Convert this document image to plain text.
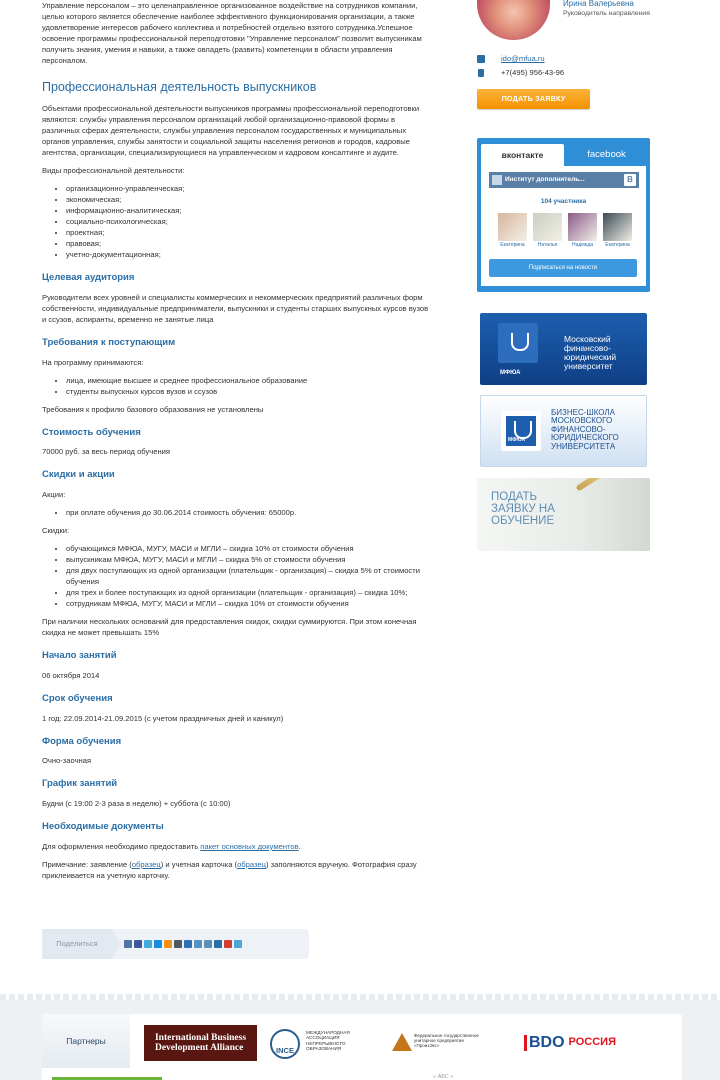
Управление персоналом – это целенаправленное организованное воздействие на сотрудников компании, целью которого является обеспечение наиболее эффективного функционирования организации, а также удовлетворение интересов рабочего коллектива и потребностей отдельно взятого сотрудника.Успешное освоение программы профессиональной переподготовки "Управление персоналом" позволит выпускникам получить знания, умения и навыки, а также овладеть (развить) компетенции в области управления персоналом.

Профессиональная деятельность выпускников

Объектами профессиональной деятельности выпускников программы профессиональной переподготовки являются: службы управления персоналом организаций любой организационно-правовой формы в различных сферах деятельности, службы управления персоналом государственных и муниципальных органов управления, службы занятости и социальной защиты населения регионов и городов, кадровые агентства, организации, специализирующиеся на управленческом и кадровом консалтинге и аудите.

Виды профессиональной деятельности:

• организационно-управленческая;
• экономическая;
• информационно-аналитическая;
• социально-психологическая;
• проектная;
• правовая;
• учетно-документационная;
Целевая аудитория

Руководители всех уровней и специалисты коммерческих и некоммерческих предприятий различных форм собственности, индивидуальные предприниматели, выпускники и студенты старших выпускных курсов вузов и ссузов, аспиранты, временно не занятые лица

Требования к поступающим

На программу принимаются:

• лица, имеющие высшее и среднее профессиональное образование
• студенты выпускных курсов вузов и ссузов

Требования к профилю базового образования не установлены

Стоимость обучения

70000 руб. за весь период обучения

Скидки и акции

Акции:

• при оплате обучения до 30.06.2014 стоимость обучения: 65000р.

Скидки:

• обучающимся МФЮА, МУГУ, МАСИ и МГЛИ – скидка 10% от стоимости обучения
• выпускникам МФЮА, МУГУ, МАСИ и МГЛИ – скидка 5% от стоимости обучения
• для двух поступающих из одной организации (плательщик - организация) – скидка 5% от стоимости обучения
• для трех и более поступающих из одной организации (плательщик - организация) – скидка 10%;
• сотрудникам МФЮА, МУГУ, МАСИ и МГЛИ – скидка 10% от стоимости обучения

При наличии нескольких оснований для предоставления скидок, скидки суммируются. При этом конечная скидка не может превышать 15%

Начало занятий

06 октября 2014

Срок обучения

1 год: 22.09.2014-21.09.2015 (с учетом праздничных дней и каникул)

Форма обучения

Очно-заочная

График занятий

Будни (с 19:00 2-3 раза в неделю) + суббота (с 10:00)

Необходимые документы

Для оформления необходимо предоставить пакет основных документов.

Примечание: заявление (образец) и учетная карточка (образец) заполняются вручную. Фотография сразу приклеивается на учетную карточку.

Поделиться
Ирина Валерьевна
Руководитель направления
ido@mfua.ru
+7(495) 956-43-96
ПОДАТЬ ЗАЯВКУ
вконтакте	facebook
Институт дополнитель...	B
104 участника
Екатерина	Наталья	Надежда	Екатерина
Подписаться на новости
МФЮА
Московский
финансово-
юридический
университет
МФЮА
БИЗНЕС-ШКОЛА
МОСКОВСКОГО
ФИНАНСОВО-
ЮРИДИЧЕСКОГО
УНИВЕРСИТЕТА
ПОДАТЬ
ЗАЯВКУ НА
ОБУЧЕНИЕ
Партнеры	International Business
Development Alliance	INCE
МЕЖДУНАРОДНАЯ
АССОЦИАЦИЯ НЕПРЕРЫВНОГО
ОБРАЗОВАНИЯ
Федеральное государственное
унитарное предприятие
«ПроизЭкс»	BDO РОССИЯ
« АБС »
